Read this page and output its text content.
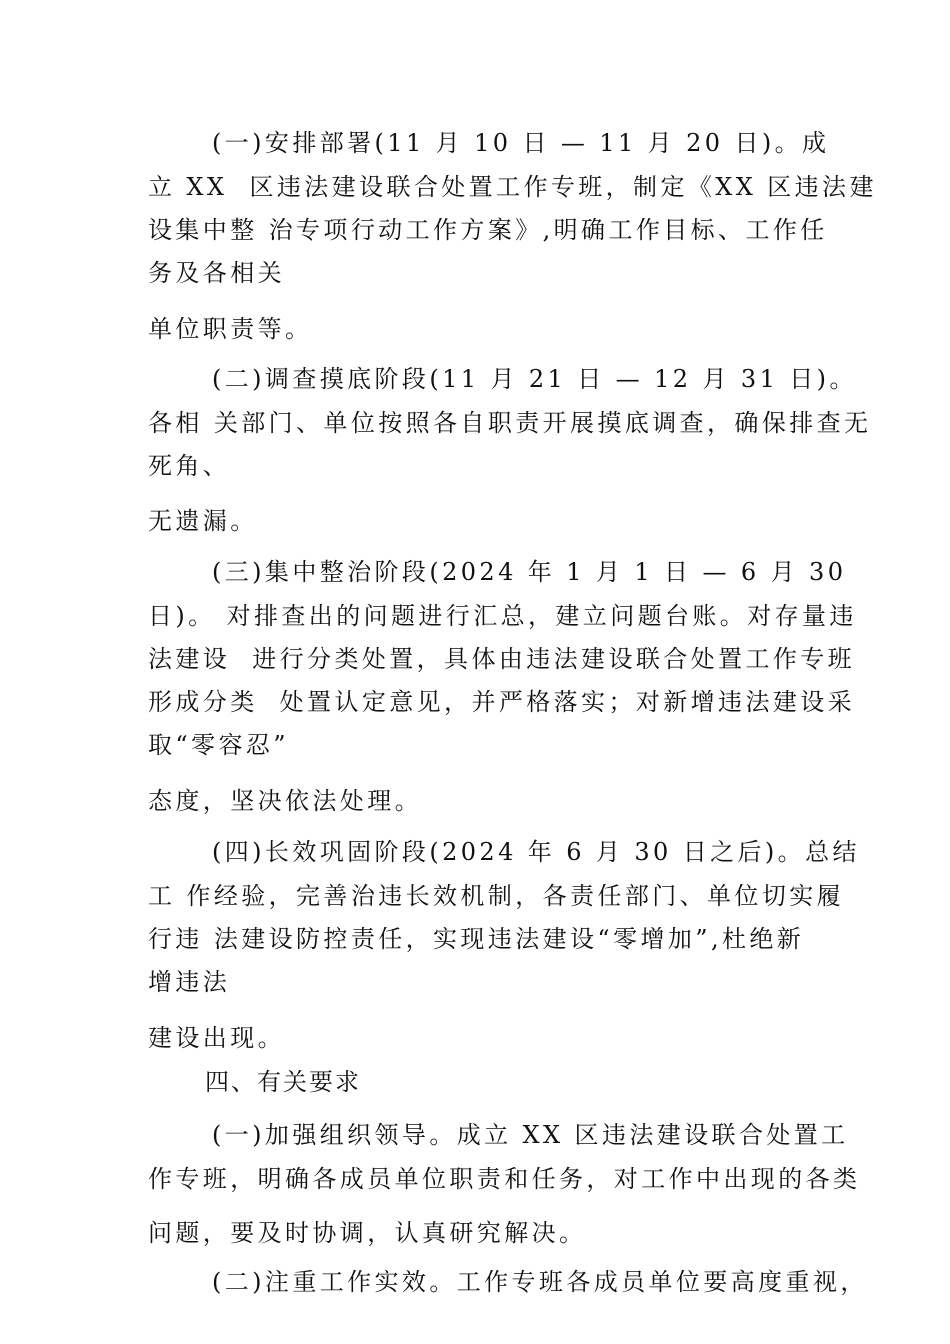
(一)安排部署(11 月 10 日 — 11 月 20 日)。成

立 XX  区违法建设联合处置工作专班，制定《XX 区违法建

设集中整 治专项行动工作方案》,明确工作目标、工作任

务及各相关

单位职责等。

(二)调查摸底阶段(11 月 21 日 — 12 月 31 日)。

各相 关部门、单位按照各自职责开展摸底调查，确保排查无

死角、

无遗漏。

(三)集中整治阶段(2024 年 1 月 1 日 — 6 月 30

日)。 对排查出的问题进行汇总，建立问题台账。对存量违

法建设  进行分类处置，具体由违法建设联合处置工作专班

形成分类  处置认定意见，并严格落实；对新增违法建设采

取“零容忍”

态度，坚决依法处理。

(四)长效巩固阶段(2024 年 6 月 30 日之后)。总结

工 作经验，完善治违长效机制，各责任部门、单位切实履

行违 法建设防控责任，实现违法建设“零增加”,杜绝新

增违法

建设出现。

四、有关要求

(一)加强组织领导。成立 XX 区违法建设联合处置工

作专班，明确各成员单位职责和任务，对工作中出现的各类

问题，要及时协调，认真研究解决。

(二)注重工作实效。工作专班各成员单位要高度重视，
